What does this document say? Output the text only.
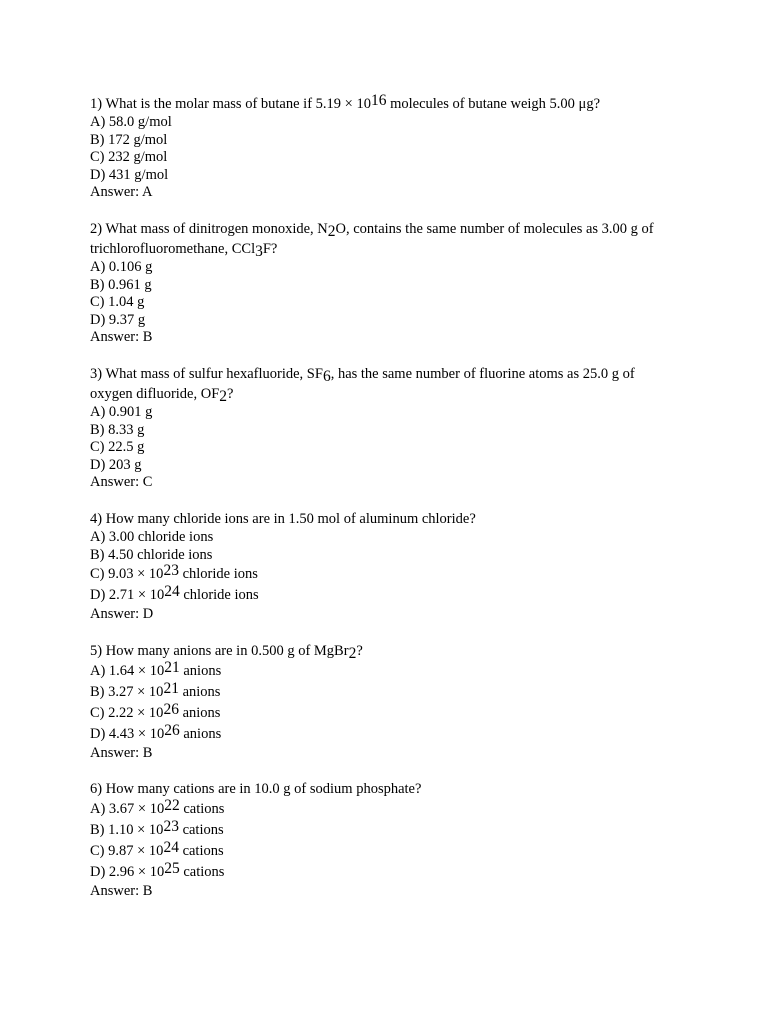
1) What is the molar mass of butane if 5.19 × 1016 molecules of butane weigh 5.00 μg?
A) 58.0 g/mol
B) 172 g/mol
C) 232 g/mol
D) 431 g/mol
Answer: A
2) What mass of dinitrogen monoxide, N2O, contains the same number of molecules as 3.00 g of
trichlorofluoromethane, CCl3F?
A) 0.106 g
B) 0.961 g
C) 1.04 g
D) 9.37 g
Answer: B
3) What mass of sulfur hexafluoride, SF6, has the same number of fluorine atoms as 25.0 g of
oxygen difluoride, OF2?
A) 0.901 g
B) 8.33 g
C) 22.5 g
D) 203 g
Answer: C
4) How many chloride ions are in 1.50 mol of aluminum chloride?
A) 3.00 chloride ions
B) 4.50 chloride ions
C) 9.03 × 1023 chloride ions
D) 2.71 × 1024 chloride ions
Answer: D
5) How many anions are in 0.500 g of MgBr2?
A) 1.64 × 1021 anions
B) 3.27 × 1021 anions
C) 2.22 × 1026 anions
D) 4.43 × 1026 anions
Answer: B
6) How many cations are in 10.0 g of sodium phosphate?
A) 3.67 × 1022 cations
B) 1.10 × 1023 cations
C) 9.87 × 1024 cations
D) 2.96 × 1025 cations
Answer: B
